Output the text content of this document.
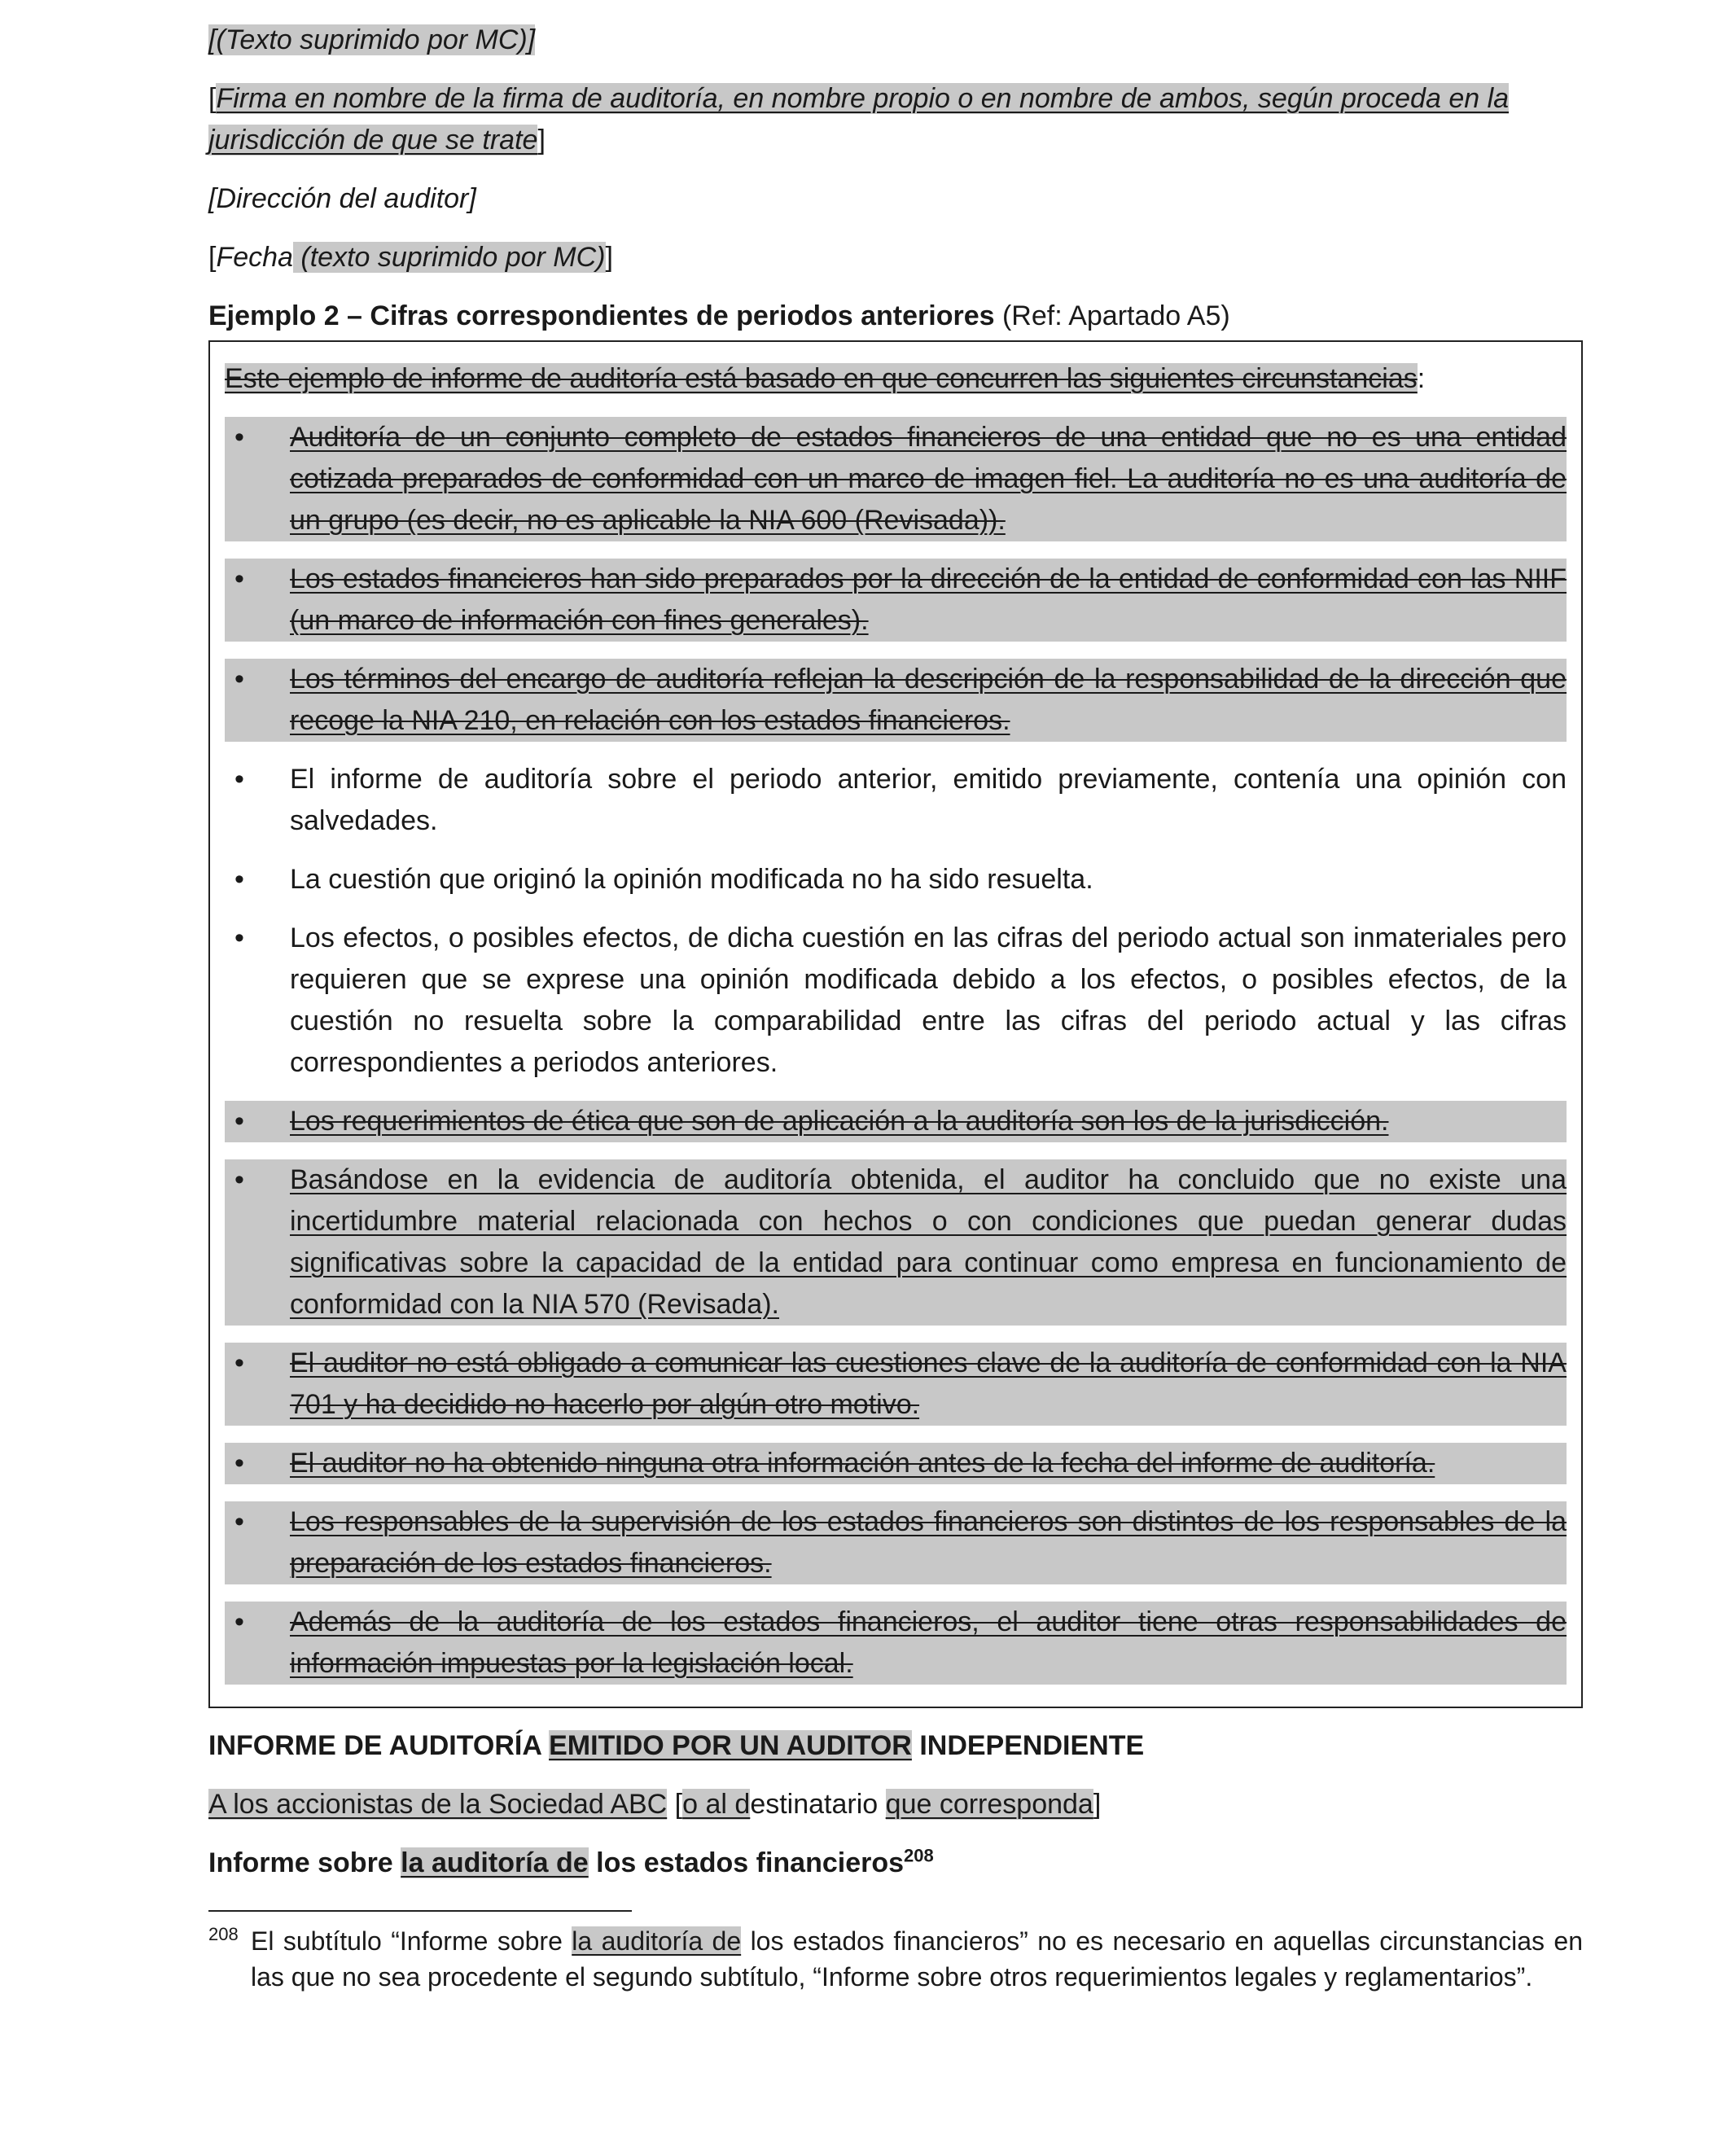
[(Texto suprimido por MC)]

[Firma en nombre de la firma de auditoría, en nombre propio o en nombre de ambos, según proceda en la jurisdicción de que se trate]

[Dirección del auditor]

[Fecha (texto suprimido por MC)]

Ejemplo 2 – Cifras correspondientes de periodos anteriores (Ref: Apartado A5)

Este ejemplo de informe de auditoría está basado en que concurren las siguientes circunstancias:

• Auditoría de un conjunto completo de estados financieros de una entidad que no es una entidad cotizada preparados de conformidad con un marco de imagen fiel. La auditoría no es una auditoría de un grupo (es decir, no es aplicable la NIA 600 (Revisada)).
• Los estados financieros han sido preparados por la dirección de la entidad de conformidad con las NIIF (un marco de información con fines generales).
• Los términos del encargo de auditoría reflejan la descripción de la responsabilidad de la dirección que recoge la NIA 210, en relación con los estados financieros.
• El informe de auditoría sobre el periodo anterior, emitido previamente, contenía una opinión con salvedades.
• La cuestión que originó la opinión modificada no ha sido resuelta.
• Los efectos, o posibles efectos, de dicha cuestión en las cifras del periodo actual son inmateriales pero requieren que se exprese una opinión modificada debido a los efectos, o posibles efectos, de la cuestión no resuelta sobre la comparabilidad entre las cifras del periodo actual y las cifras correspondientes a periodos anteriores.
• Los requerimientos de ética que son de aplicación a la auditoría son los de la jurisdicción.
• Basándose en la evidencia de auditoría obtenida, el auditor ha concluido que no existe una incertidumbre material relacionada con hechos o con condiciones que puedan generar dudas significativas sobre la capacidad de la entidad para continuar como empresa en funcionamiento de conformidad con la NIA 570 (Revisada).
• El auditor no está obligado a comunicar las cuestiones clave de la auditoría de conformidad con la NIA 701 y ha decidido no hacerlo por algún otro motivo.
• El auditor no ha obtenido ninguna otra información antes de la fecha del informe de auditoría.
• Los responsables de la supervisión de los estados financieros son distintos de los responsables de la preparación de los estados financieros.
• Además de la auditoría de los estados financieros, el auditor tiene otras responsabilidades de información impuestas por la legislación local.

INFORME DE AUDITORÍA EMITIDO POR UN AUDITOR INDEPENDIENTE

A los accionistas de la Sociedad ABC [o al destinatario que corresponda]

Informe sobre la auditoría de los estados financieros$^{208}$

208 El subtítulo “Informe sobre la auditoría de los estados financieros” no es necesario en aquellas circunstancias en las que no sea procedente el segundo subtítulo, “Informe sobre otros requerimientos legales y reglamentarios”.
